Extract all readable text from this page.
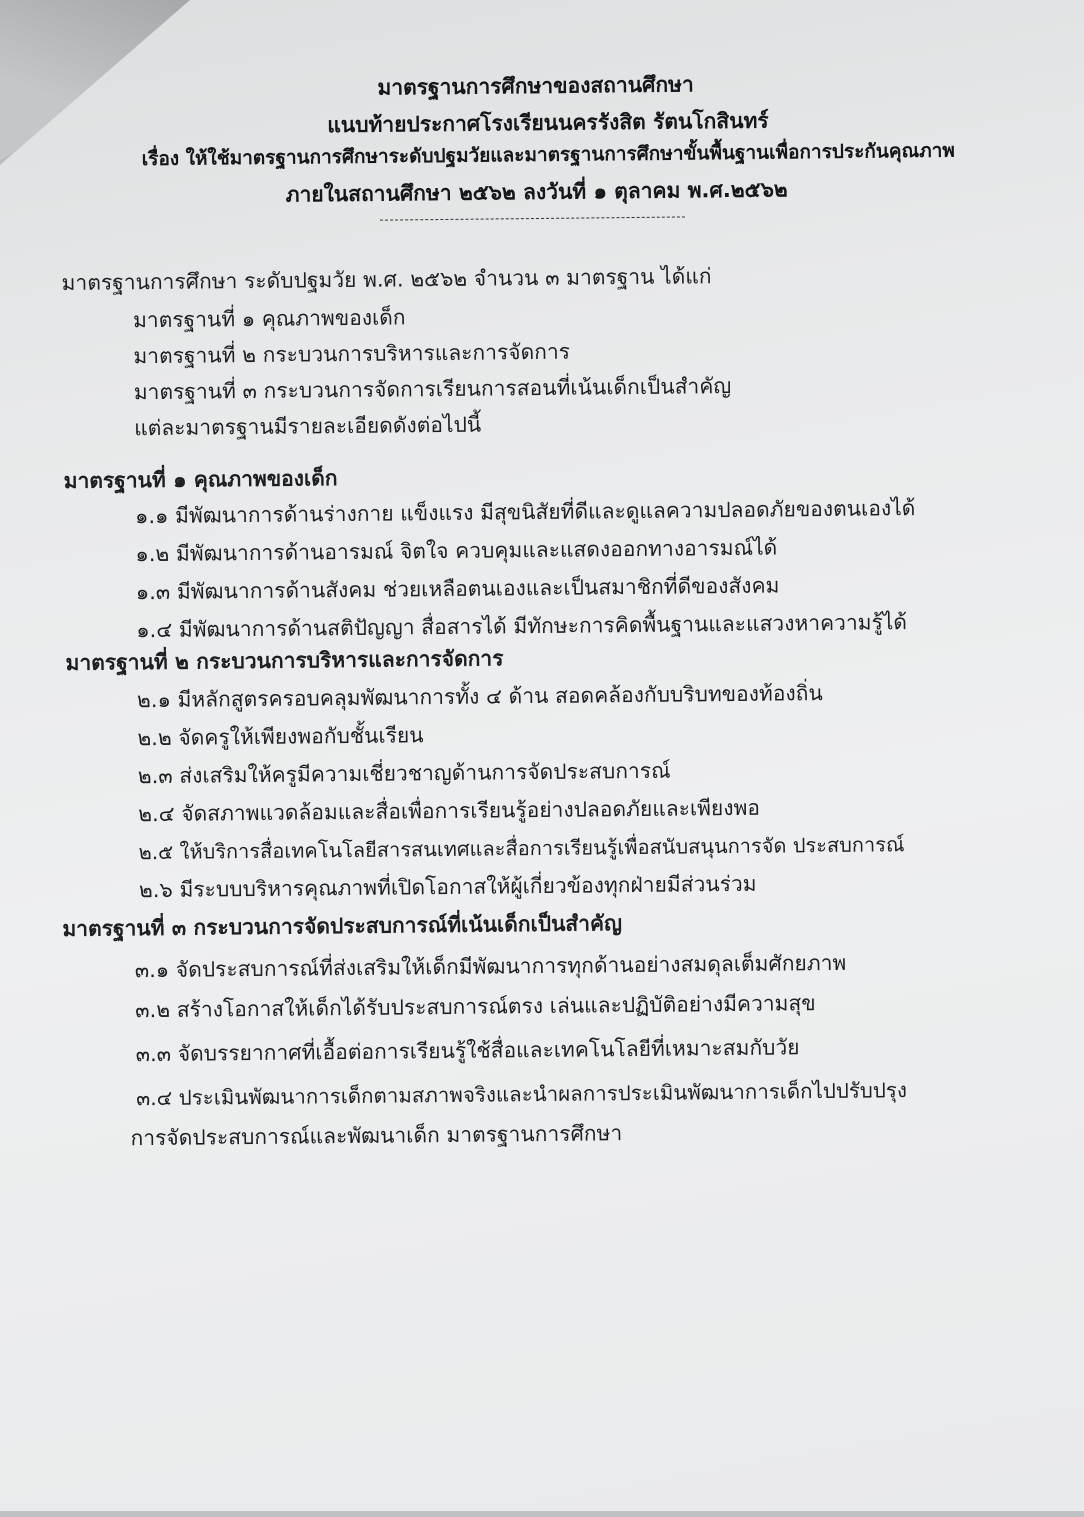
มาตรฐานการศึกษาของสถานศึกษา
แนบท้ายประกาศโรงเรียนนครรังสิต รัตนโกสินทร์
เรื่อง ให้ใช้มาตรฐานการศึกษาระดับปฐมวัยและมาตรฐานการศึกษาขั้นพื้นฐานเพื่อการประกันคุณภาพ
ภายในสถานศึกษา ๒๕๖๒ ลงวันที่ ๑ ตุลาคม พ.ศ.๒๕๖๒
มาตรฐานการศึกษา ระดับปฐมวัย พ.ศ. ๒๕๖๒ จำนวน ๓ มาตรฐาน ได้แก่
มาตรฐานที่ ๑ คุณภาพของเด็ก
มาตรฐานที่ ๒ กระบวนการบริหารและการจัดการ
มาตรฐานที่ ๓ กระบวนการจัดการเรียนการสอนที่เน้นเด็กเป็นสำคัญ
แต่ละมาตรฐานมีรายละเอียดดังต่อไปนี้
มาตรฐานที่ ๑ คุณภาพของเด็ก
๑.๑ มีพัฒนาการด้านร่างกาย แข็งแรง มีสุขนิสัยที่ดีและดูแลความปลอดภัยของตนเองได้
๑.๒ มีพัฒนาการด้านอารมณ์ จิตใจ ควบคุมและแสดงออกทางอารมณ์ได้
๑.๓ มีพัฒนาการด้านสังคม ช่วยเหลือตนเองและเป็นสมาชิกที่ดีของสังคม
๑.๔ มีพัฒนาการด้านสติปัญญา สื่อสารได้ มีทักษะการคิดพื้นฐานและแสวงหาความรู้ได้
มาตรฐานที่ ๒ กระบวนการบริหารและการจัดการ
๒.๑ มีหลักสูตรครอบคลุมพัฒนาการทั้ง ๔ ด้าน สอดคล้องกับบริบทของท้องถิ่น
๒.๒ จัดครูให้เพียงพอกับชั้นเรียน
๒.๓ ส่งเสริมให้ครูมีความเชี่ยวชาญด้านการจัดประสบการณ์
๒.๔ จัดสภาพแวดล้อมและสื่อเพื่อการเรียนรู้อย่างปลอดภัยและเพียงพอ
๒.๕ ให้บริการสื่อเทคโนโลยีสารสนเทศและสื่อการเรียนรู้เพื่อสนับสนุนการจัด ประสบการณ์
๒.๖ มีระบบบริหารคุณภาพที่เปิดโอกาสให้ผู้เกี่ยวข้องทุกฝ่ายมีส่วนร่วม
มาตรฐานที่ ๓ กระบวนการจัดประสบการณ์ที่เน้นเด็กเป็นสำคัญ
๓.๑ จัดประสบการณ์ที่ส่งเสริมให้เด็กมีพัฒนาการทุกด้านอย่างสมดุลเต็มศักยภาพ
๓.๒ สร้างโอกาสให้เด็กได้รับประสบการณ์ตรง เล่นและปฏิบัติอย่างมีความสุข
๓.๓ จัดบรรยากาศที่เอื้อต่อการเรียนรู้ใช้สื่อและเทคโนโลยีที่เหมาะสมกับวัย
๓.๔ ประเมินพัฒนาการเด็กตามสภาพจริงและนำผลการประเมินพัฒนาการเด็กไปปรับปรุง
การจัดประสบการณ์และพัฒนาเด็ก มาตรฐานการศึกษา
